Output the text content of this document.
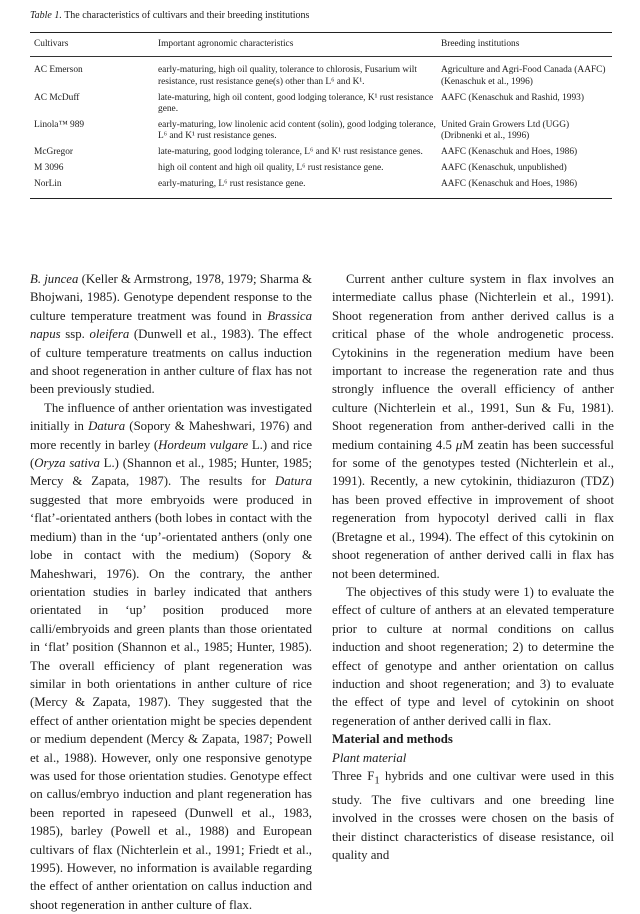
Table 1. The characteristics of cultivars and their breeding institutions
Cultivars	Important agronomic characteristics	Breeding institutions
AC Emerson	early-maturing, high oil quality, tolerance to chlorosis, Fusarium wilt resistance, rust resistance gene(s) other than L⁶ and K¹.	Agriculture and Agri-Food Canada (AAFC) (Kenaschuk et al., 1996)
AC McDuff	late-maturing, high oil content, good lodging tolerance, K¹ rust resistance gene.	AAFC (Kenaschuk and Rashid, 1993)
Linola™ 989	early-maturing, low linolenic acid content (solin), good lodging tolerance, L⁶ and K¹ rust resistance genes.	United Grain Growers Ltd (UGG) (Dribnenki et al., 1996)
McGregor	late-maturing, good lodging tolerance, L⁶ and K¹ rust resistance genes.	AAFC (Kenaschuk and Hoes, 1986)
M 3096	high oil content and high oil quality, L⁶ rust resistance gene.	AAFC (Kenaschuk, unpublished)
NorLin	early-maturing, L⁶ rust resistance gene.	AAFC (Kenaschuk and Hoes, 1986)

B. juncea (Keller & Armstrong, 1978, 1979; Sharma & Bhojwani, 1985). Genotype dependent response to the culture temperature treatment was found in Brassica napus ssp. oleifera (Dunwell et al., 1983). The effect of culture temperature treatments on callus induction and shoot regeneration in anther culture of flax has not been previously studied.

The influence of anther orientation was investigated initially in Datura (Sopory & Maheshwari, 1976) and more recently in barley (Hordeum vulgare L.) and rice (Oryza sativa L.) (Shannon et al., 1985; Hunter, 1985; Mercy & Zapata, 1987). The results for Datura suggested that more embryoids were produced in ‘flat’-orientated anthers (both lobes in contact with the medium) than in the ‘up’-orientated anthers (only one lobe in contact with the medium) (Sopory & Maheshwari, 1976). On the contrary, the anther orientation studies in barley indicated that anthers orientated in ‘up’ position produced more calli/embryoids and green plants than those orientated in ‘flat’ position (Shannon et al., 1985; Hunter, 1985). The overall efficiency of plant regeneration was similar in both orientations in anther culture of rice (Mercy & Zapata, 1987). They suggested that the effect of anther orientation might be species dependent or medium dependent (Mercy & Zapata, 1987; Powell et al., 1988). However, only one responsive genotype was used for those orientation studies. Genotype effect on callus/embryo induction and plant regeneration has been reported in rapeseed (Dunwell et al., 1983, 1985), barley (Powell et al., 1988) and European cultivars of flax (Nichterlein et al., 1991; Friedt et al., 1995). However, no information is available regarding the effect of anther orientation on callus induction and shoot regeneration in anther culture of flax.

Current anther culture system in flax involves an intermediate callus phase (Nichterlein et al., 1991). Shoot regeneration from anther derived callus is a critical phase of the whole androgenetic process. Cytokinins in the regeneration medium have been important to increase the regeneration rate and thus strongly influence the overall efficiency of anther culture (Nichterlein et al., 1991, Sun & Fu, 1981). Shoot regeneration from anther-derived calli in the medium containing 4.5 μM zeatin has been successful for some of the genotypes tested (Nichterlein et al., 1991). Recently, a new cytokinin, thidiazuron (TDZ) has been proved effective in improvement of shoot regeneration from hypocotyl derived calli in flax (Bretagne et al., 1994). The effect of this cytokinin on shoot regeneration of anther derived calli in flax has not been determined.

The objectives of this study were 1) to evaluate the effect of culture of anthers at an elevated temperature prior to culture at normal conditions on callus induction and shoot regeneration; 2) to determine the effect of genotype and anther orientation on callus induction and shoot regeneration; and 3) to evaluate the effect of type and level of cytokinin on shoot regeneration of anther derived calli in flax.

Material and methods

Plant material

Three $F_1$ hybrids and one cultivar were used in this study. The five cultivars and one breeding line involved in the crosses were chosen on the basis of their distinct characteristics of disease resistance, oil quality and
